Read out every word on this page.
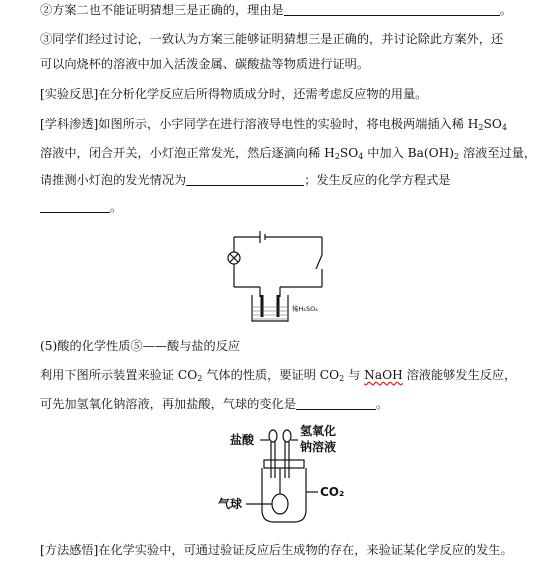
②方案二也不能证明猜想三是正确的，理由是	。
③同学们经过讨论，一致认为方案三能够证明猜想三是正确的，并讨论除此方案外，还
可以向烧杯的溶液中加入活泼金属、碳酸盐等物质进行证明。
[实验反思]在分析化学反应后所得物质成分时，还需考虑反应物的用量。
[学科渗透]如图所示，小宇同学在进行溶液导电性的实验时，将电极两端插入稀 $H_2SO_4$
溶液中，闭合开关，小灯泡正常发光，然后逐滴向稀 $H_2SO_4$ 中加入 $Ba(OH)_2$ 溶液至过量，
请推测小灯泡的发光情况为	；发生反应的化学方程式是
。
稀H₂SO₄
(5)酸的化学性质⑤——酸与盐的反应
利用下图所示装置来验证 $CO_2$ 气体的性质，要证明 $CO_2$ 与 NaOH 溶液能够发生反应，
可先加氢氧化钠溶液，再加盐酸，气球的变化是	。
盐酸
氢氧化
钠溶液
气球
CO₂
[方法感悟]在化学实验中，可通过验证反应后生成物的存在，来验证某化学反应的发生。
